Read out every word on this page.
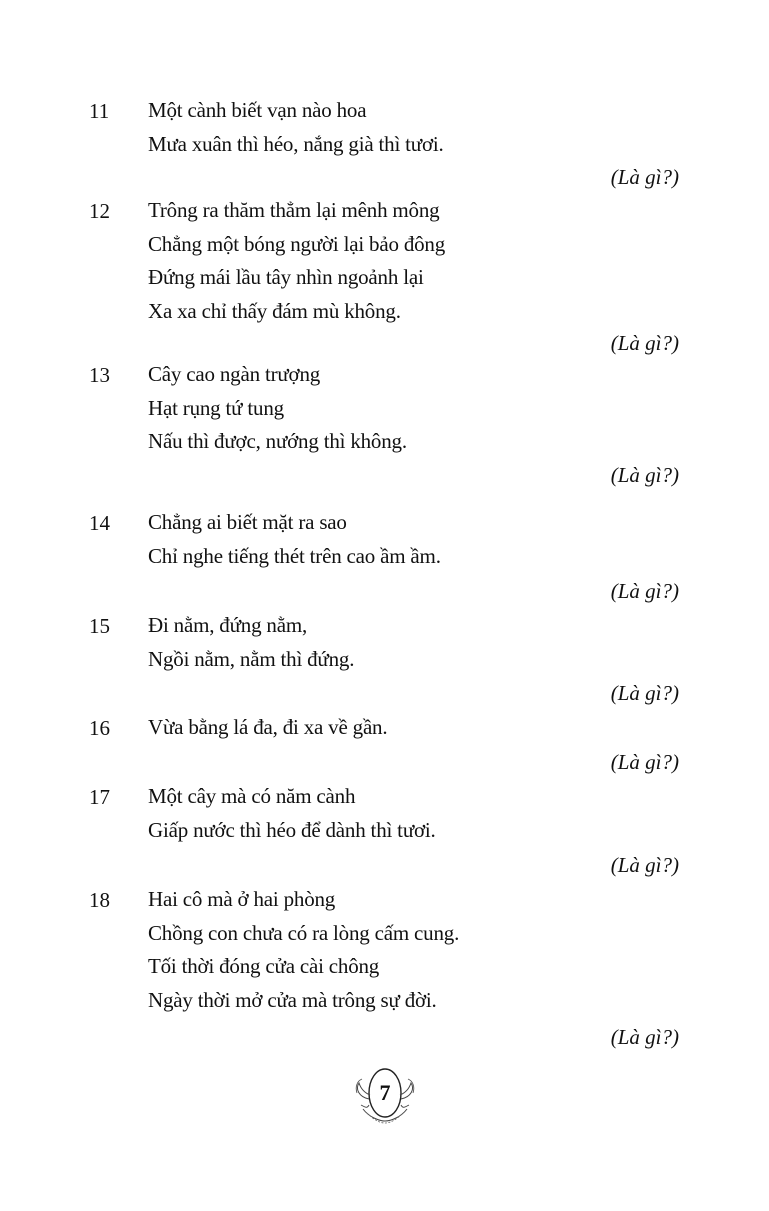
11 Một cành biết vạn nào hoa
Mưa xuân thì héo, nắng già thì tươi.
(Là gì?)
12 Trông ra thăm thẳm lại mênh mông
Chẳng một bóng người lại bảo đông
Đứng mái lầu tây nhìn ngoảnh lại
Xa xa chỉ thấy đám mù không.
(Là gì?)
13 Cây cao ngàn trượng
Hạt rụng tứ tung
Nấu thì được, nướng thì không.
(Là gì?)
14 Chẳng ai biết mặt ra sao
Chỉ nghe tiếng thét trên cao ầm ầm.
(Là gì?)
15 Đi nằm, đứng nằm,
Ngồi nằm, nằm thì đứng.
(Là gì?)
16 Vừa bằng lá đa, đi xa về gần.
(Là gì?)
17 Một cây mà có năm cành
Giấp nước thì héo để dành thì tươi.
(Là gì?)
18 Hai cô mà ở hai phòng
Chồng con chưa có ra lòng cấm cung.
Tối thời đóng cửa cài chông
Ngày thời mở cửa mà trông sự đời.
(Là gì?)
7
